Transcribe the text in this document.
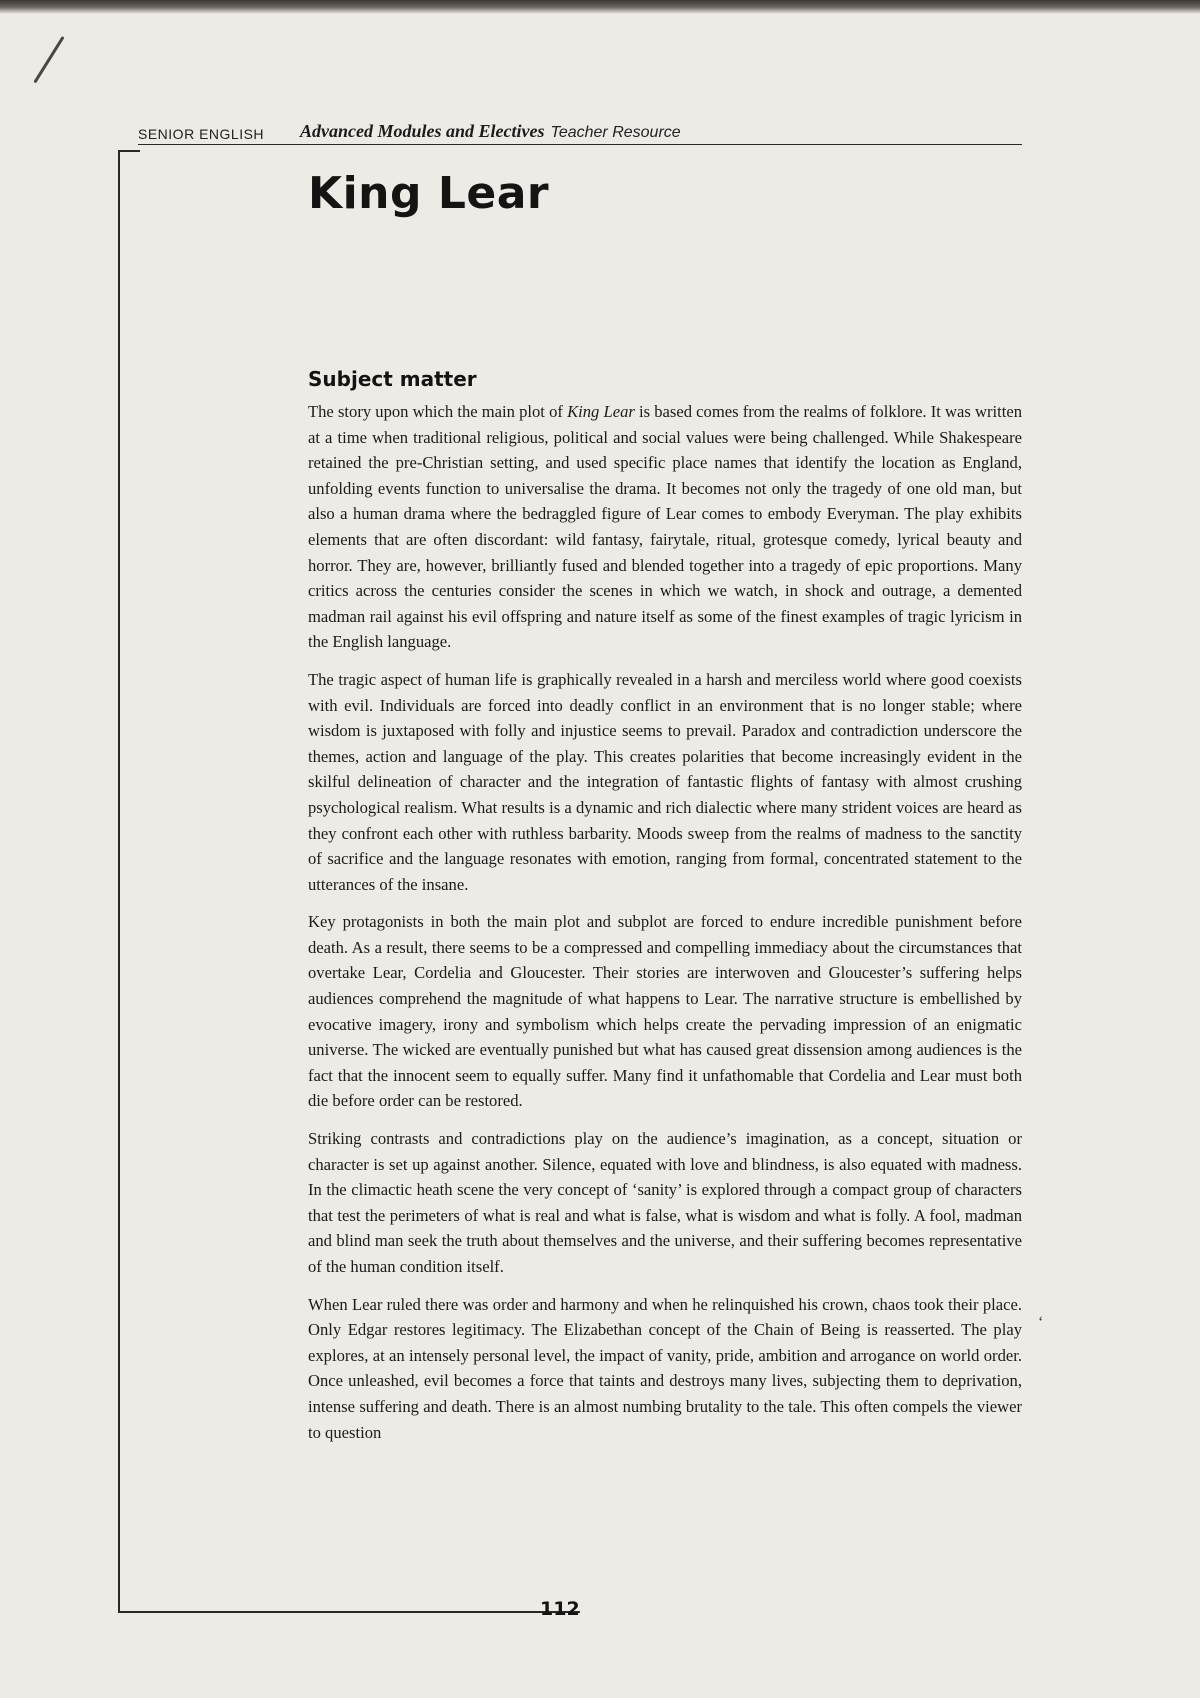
SENIOR ENGLISH Advanced Modules and Electives Teacher Resource
King Lear
Subject matter

The story upon which the main plot of King Lear is based comes from the realms of folklore. It was written at a time when traditional religious, political and social values were being challenged. While Shakespeare retained the pre-Christian setting, and used specific place names that identify the location as England, unfolding events function to universalise the drama. It becomes not only the tragedy of one old man, but also a human drama where the bedraggled figure of Lear comes to embody Everyman. The play exhibits elements that are often discordant: wild fantasy, fairytale, ritual, grotesque comedy, lyrical beauty and horror. They are, however, brilliantly fused and blended together into a tragedy of epic proportions. Many critics across the centuries consider the scenes in which we watch, in shock and outrage, a demented madman rail against his evil offspring and nature itself as some of the finest examples of tragic lyricism in the English language.

The tragic aspect of human life is graphically revealed in a harsh and merciless world where good coexists with evil. Individuals are forced into deadly conflict in an environment that is no longer stable; where wisdom is juxtaposed with folly and injustice seems to prevail. Paradox and contradiction underscore the themes, action and language of the play. This creates polarities that become increasingly evident in the skilful delineation of character and the integration of fantastic flights of fantasy with almost crushing psychological realism. What results is a dynamic and rich dialectic where many strident voices are heard as they confront each other with ruthless barbarity. Moods sweep from the realms of madness to the sanctity of sacrifice and the language resonates with emotion, ranging from formal, concentrated statement to the utterances of the insane.

Key protagonists in both the main plot and subplot are forced to endure incredible punishment before death. As a result, there seems to be a compressed and compelling immediacy about the circumstances that overtake Lear, Cordelia and Gloucester. Their stories are interwoven and Gloucester’s suffering helps audiences comprehend the magnitude of what happens to Lear. The narrative structure is embellished by evocative imagery, irony and symbolism which helps create the pervading impression of an enigmatic universe. The wicked are eventually punished but what has caused great dissension among audiences is the fact that the innocent seem to equally suffer. Many find it unfathomable that Cordelia and Lear must both die before order can be restored.

Striking contrasts and contradictions play on the audience’s imagination, as a concept, situation or character is set up against another. Silence, equated with love and blindness, is also equated with madness. In the climactic heath scene the very concept of ‘sanity’ is explored through a compact group of characters that test the perimeters of what is real and what is false, what is wisdom and what is folly. A fool, madman and blind man seek the truth about themselves and the universe, and their suffering becomes representative of the human condition itself.

When Lear ruled there was order and harmony and when he relinquished his crown, chaos took their place. Only Edgar restores legitimacy. The Elizabethan concept of the Chain of Being is reasserted. The play explores, at an intensely personal level, the impact of vanity, pride, ambition and arrogance on world order. Once unleashed, evil becomes a force that taints and destroys many lives, subjecting them to deprivation, intense suffering and death. There is an almost numbing brutality to the tale. This often compels the viewer to question

‘
112
